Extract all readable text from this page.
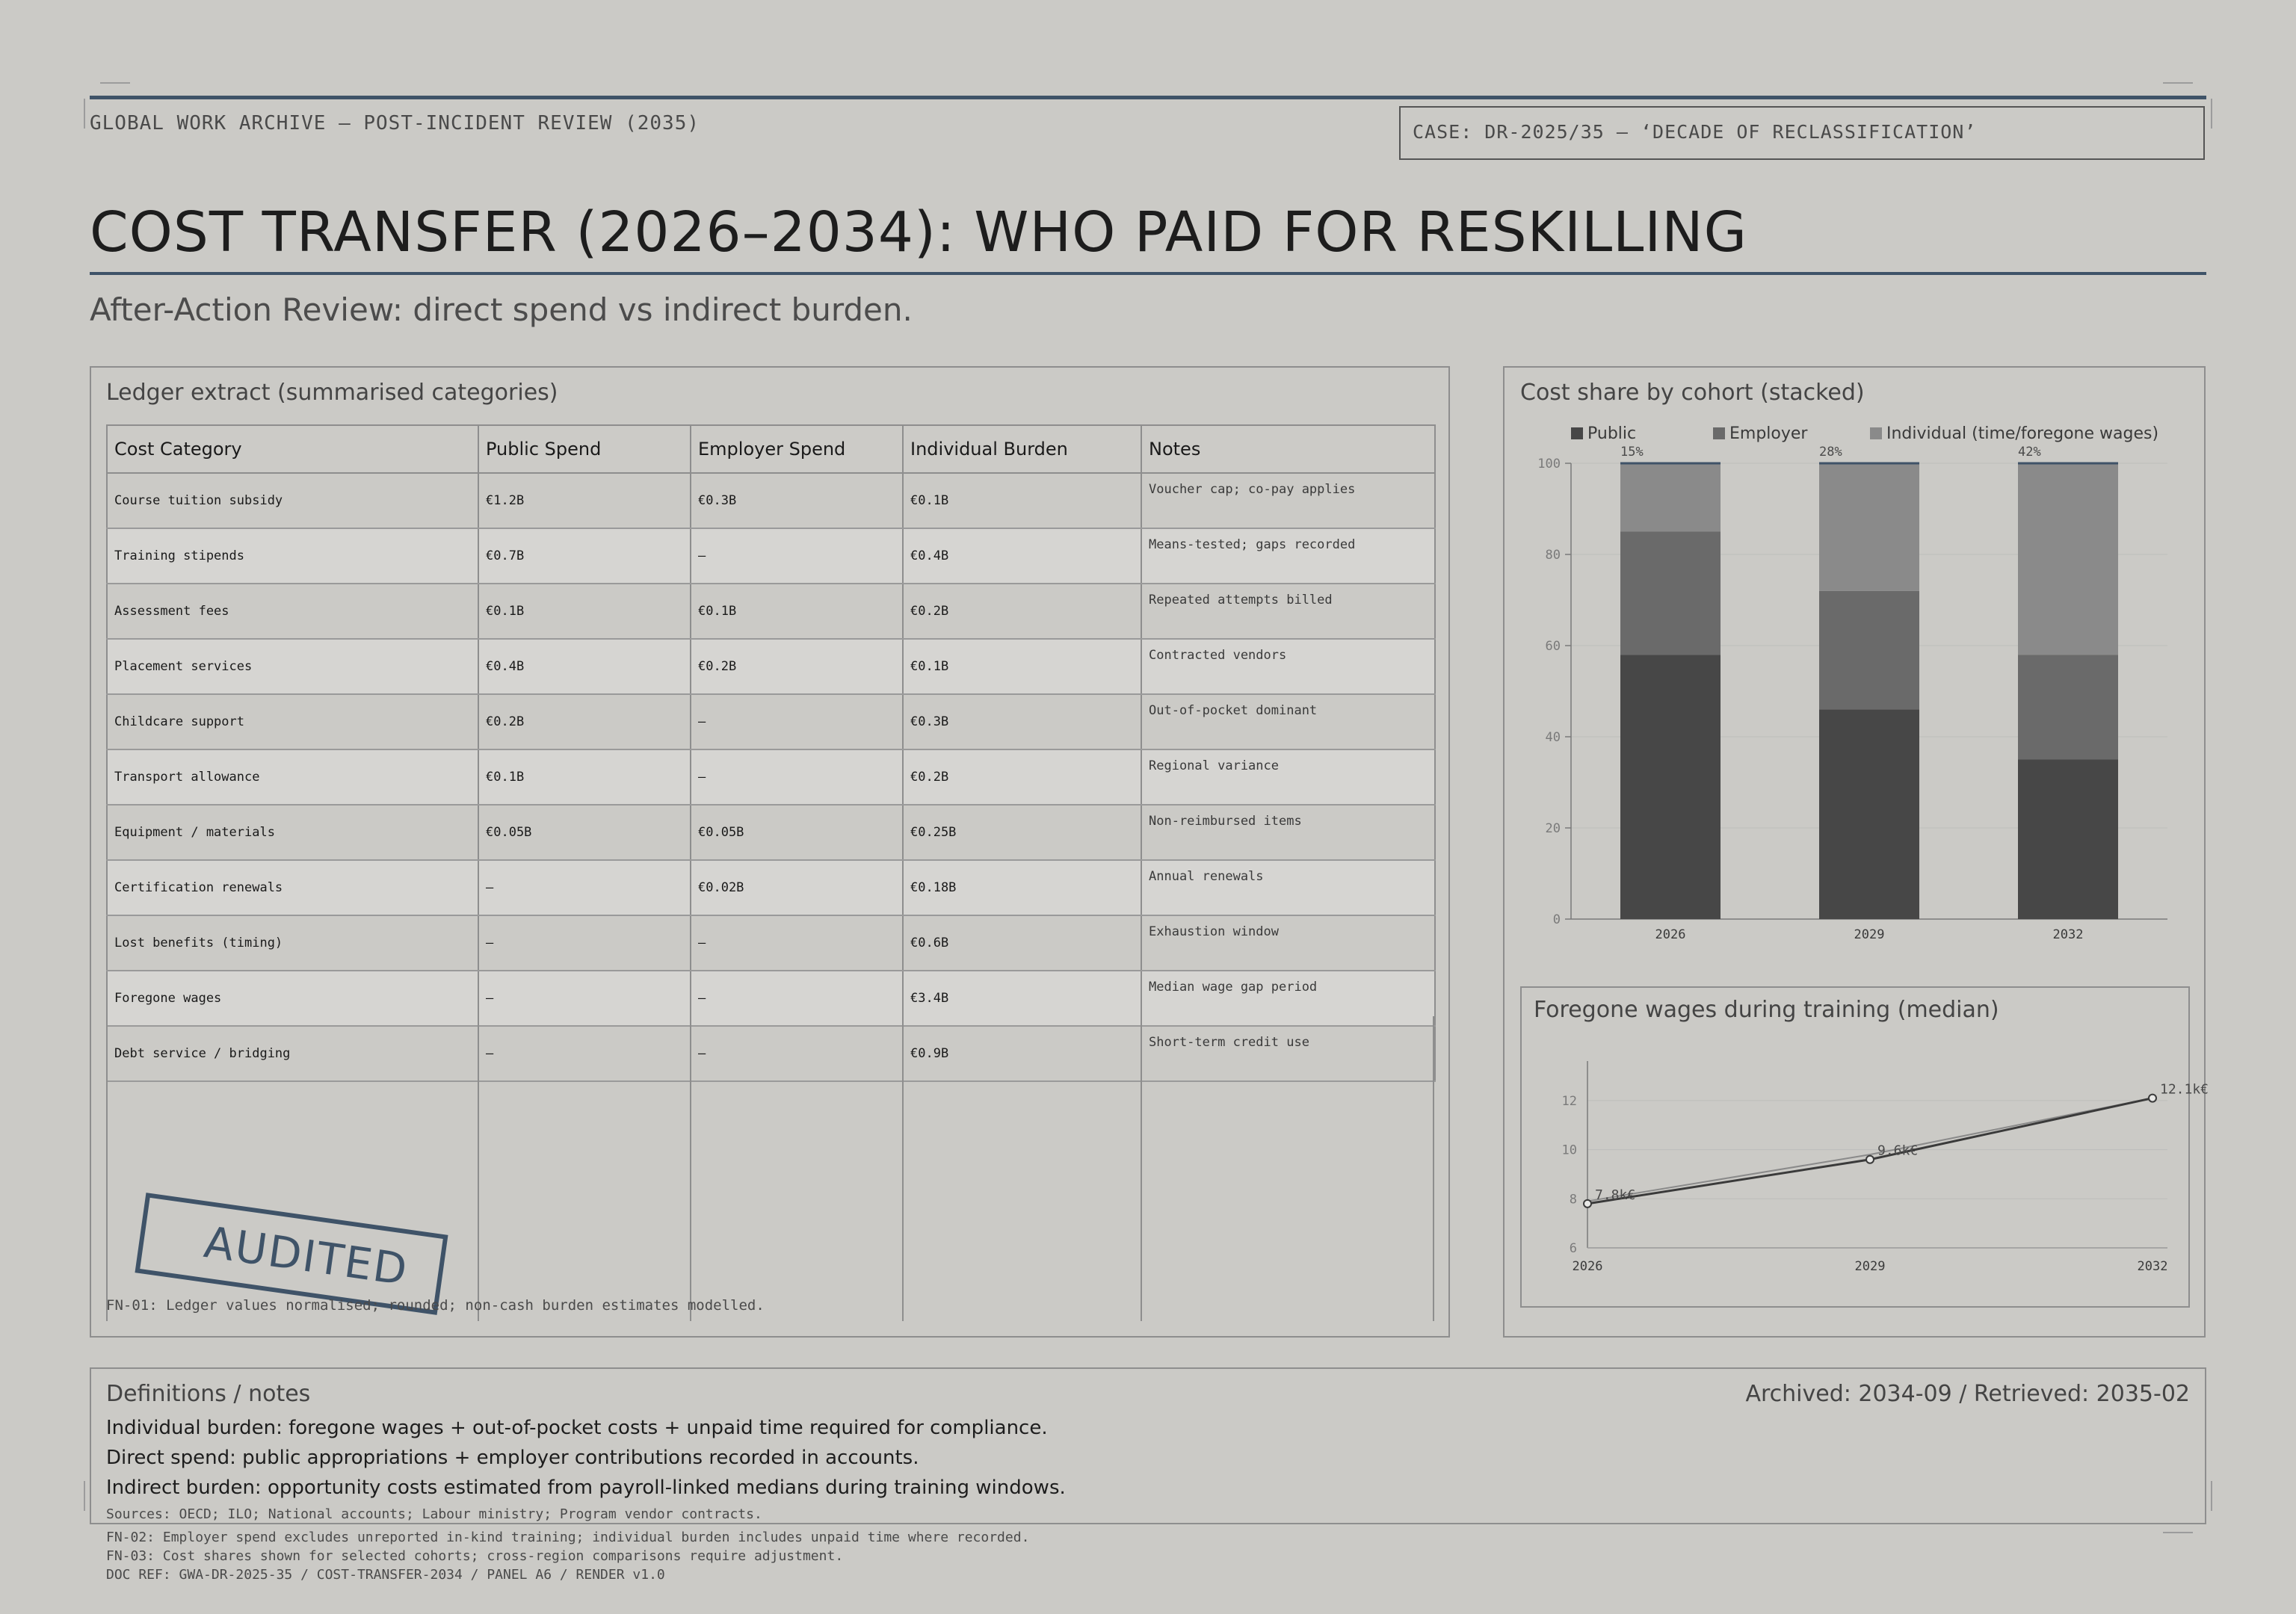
GLOBAL WORK ARCHIVE — POST-INCIDENT REVIEW (2035)	CASE: DR-2025/35 — ‘DECADE OF RECLASSIFICATION’
COST TRANSFER (2026–2034): WHO PAID FOR RESKILLING
After-Action Review: direct spend vs indirect burden.
Ledger extract (summarised categories)
Cost Category	Public Spend	Employer Spend	Individual Burden	Notes
Course tuition subsidy	€1.2B	€0.3B	€0.1B	Voucher cap; co-pay applies
Training stipends	€0.7B	—	€0.4B	Means-tested; gaps recorded
Assessment fees	€0.1B	€0.1B	€0.2B	Repeated attempts billed
Placement services	€0.4B	€0.2B	€0.1B	Contracted vendors
Childcare support	€0.2B	—	€0.3B	Out-of-pocket dominant
Transport allowance	€0.1B	—	€0.2B	Regional variance
Equipment / materials	€0.05B	€0.05B	€0.25B	Non-reimbursed items
Certification renewals	—	€0.02B	€0.18B	Annual renewals
Lost benefits (timing)	—	—	€0.6B	Exhaustion window
Foregone wages	—	—	€3.4B	Median wage gap period
Debt service / bridging	—	—	€0.9B	Short-term credit use
AUDITED
FN-01: Ledger values normalised; rounded; non-cash burden estimates modelled.
Cost share by cohort (stacked)
Public	Employer	Individual (time/foregone wages)
0
20
40
60
80
100
15%
2026
28%
2029
42%
2032
Foregone wages during training (median)
6
8
10
12
7.8k€
9.6k€
12.1k€
2026	2029	2032
Definitions / notes	Archived: 2034-09 / Retrieved: 2035-02
Individual burden: foregone wages + out-of-pocket costs + unpaid time required for compliance.
Direct spend: public appropriations + employer contributions recorded in accounts.
Indirect burden: opportunity costs estimated from payroll-linked medians during training windows.
Sources: OECD; ILO; National accounts; Labour ministry; Program vendor contracts.
FN-02: Employer spend excludes unreported in-kind training; individual burden includes unpaid time where recorded.
FN-03: Cost shares shown for selected cohorts; cross-region comparisons require adjustment.
DOC REF: GWA-DR-2025-35 / COST-TRANSFER-2034 / PANEL A6 / RENDER v1.0
